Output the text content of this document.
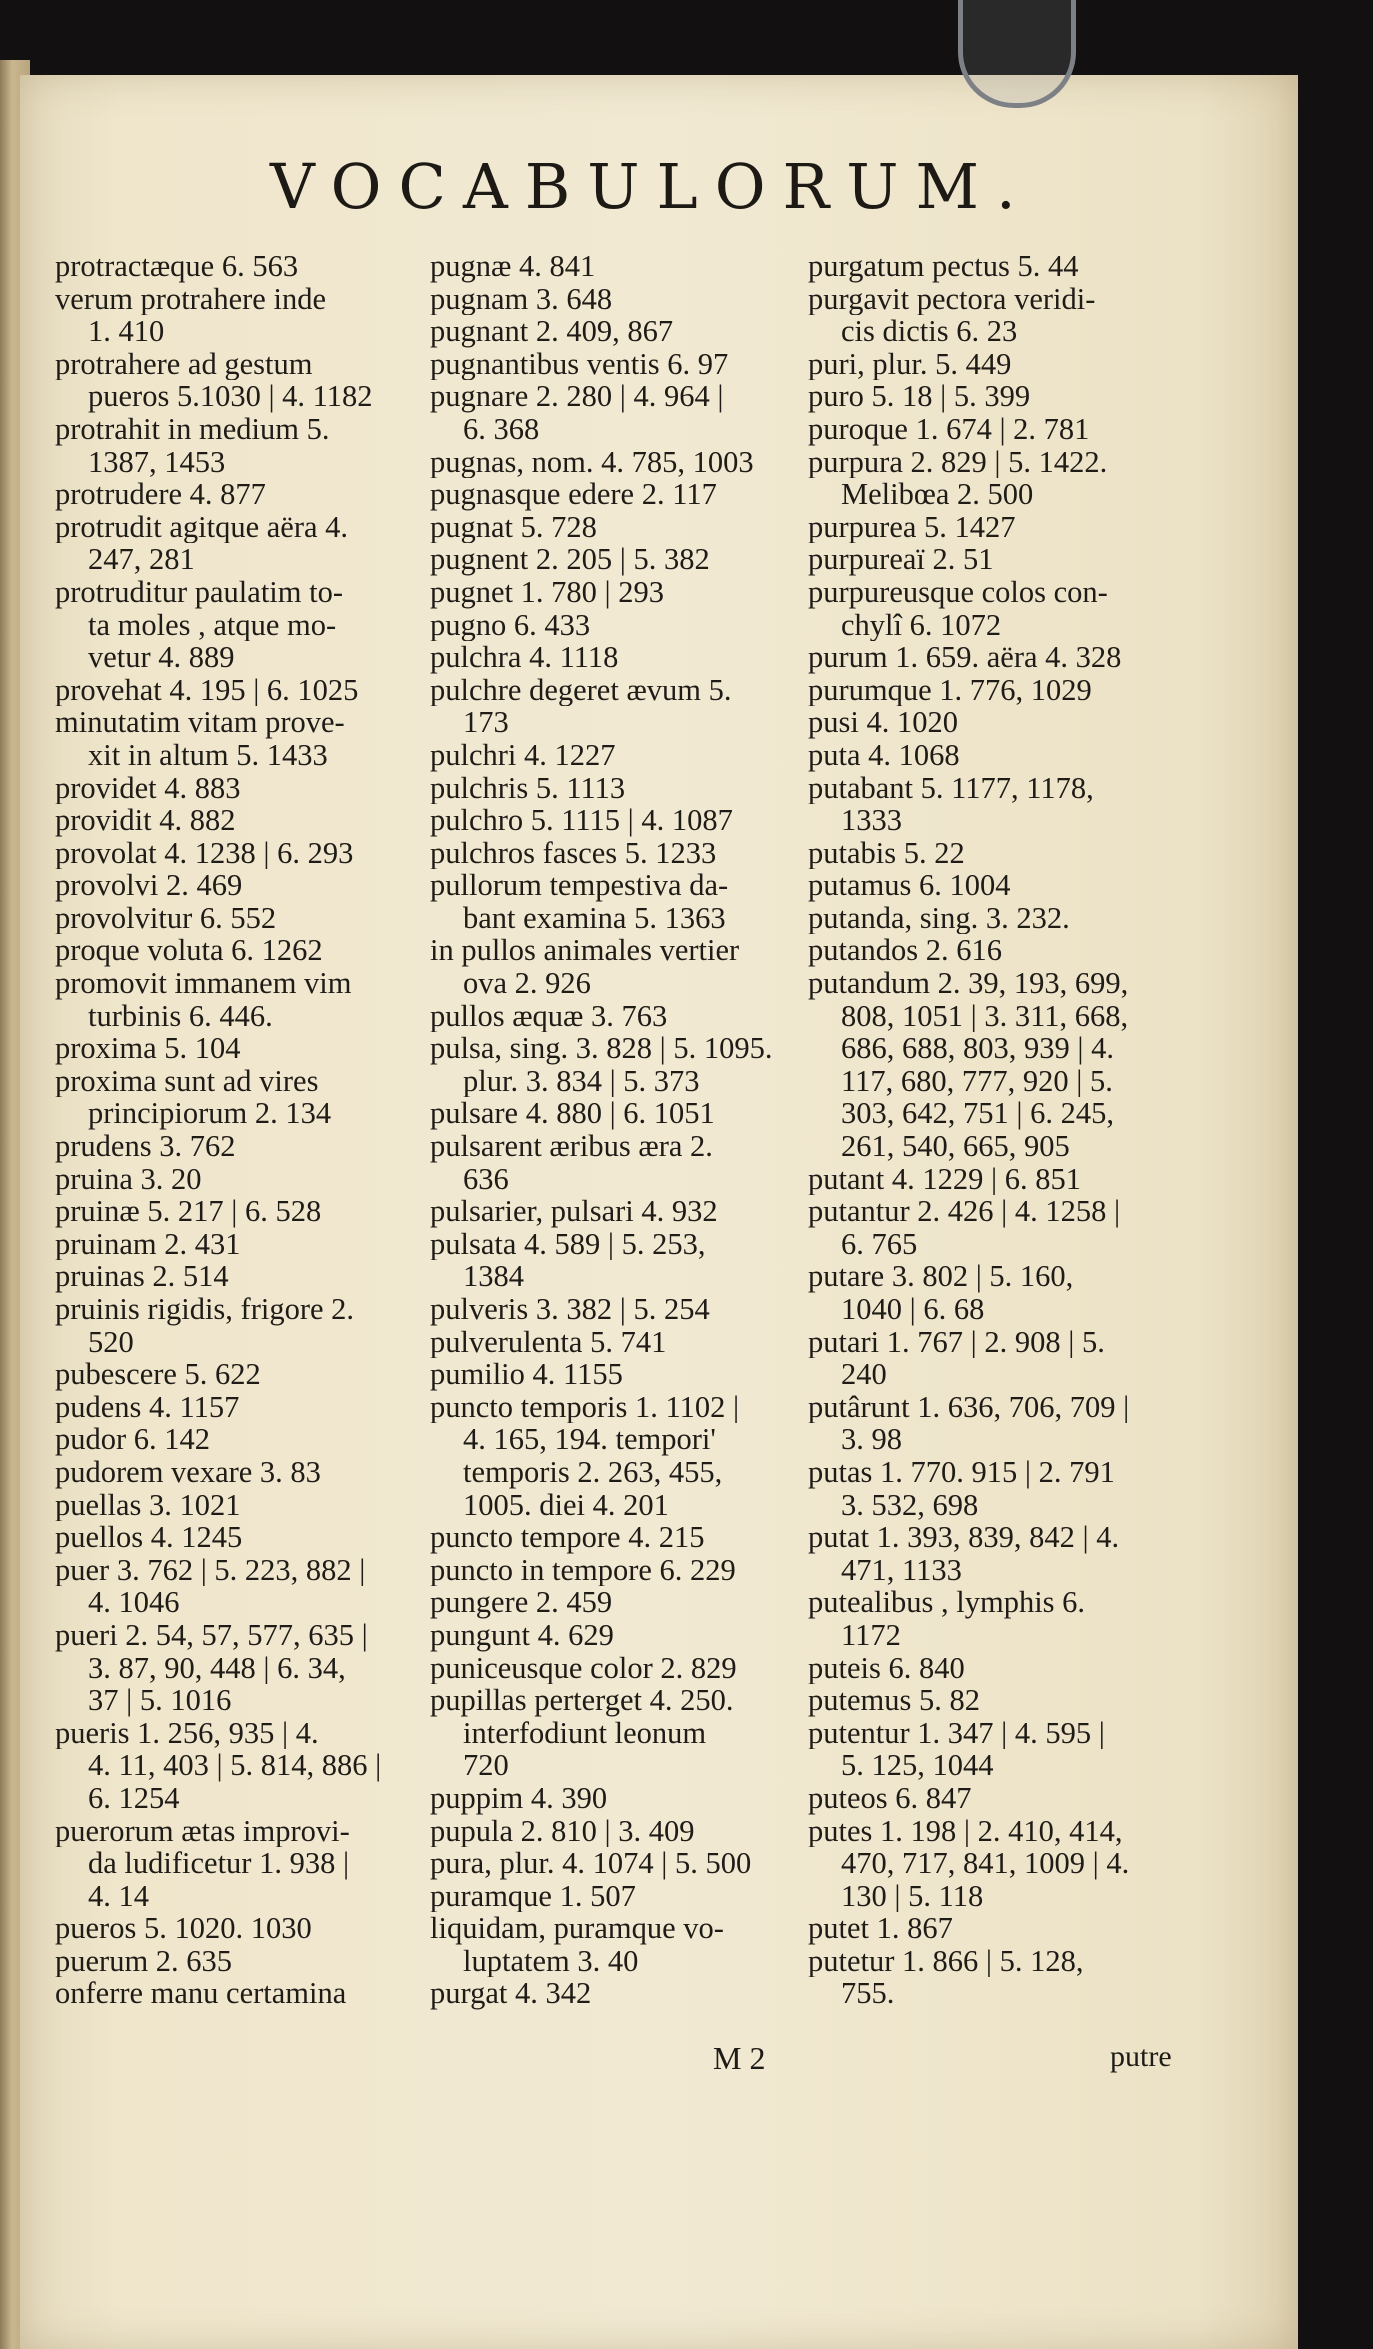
VOCABULORUM.
protractæque 6. 563
verum protrahere inde
1. 410
protrahere ad gestum
pueros 5.1030 | 4. 1182
protrahit in medium 5.
1387, 1453
protrudere 4. 877
protrudit agitque aëra 4.
247, 281
protruditur paulatim to-
ta moles , atque mo-
vetur 4. 889
provehat 4. 195 | 6. 1025
minutatim vitam prove-
xit in altum 5. 1433
providet 4. 883
providit 4. 882
provolat 4. 1238 | 6. 293
provolvi 2. 469
provolvitur 6. 552
proque voluta 6. 1262
promovit immanem vim
turbinis 6. 446.
proxima 5. 104
proxima sunt ad vires
principiorum 2. 134
prudens 3. 762
pruina 3. 20
pruinæ 5. 217 | 6. 528
pruinam 2. 431
pruinas 2. 514
pruinis rigidis, frigore 2.
520
pubescere 5. 622
pudens 4. 1157
pudor 6. 142
pudorem vexare 3. 83
puellas 3. 1021
puellos 4. 1245
puer 3. 762 | 5. 223, 882 |
4. 1046
pueri 2. 54, 57, 577, 635 |
3. 87, 90, 448 | 6. 34,
37 | 5. 1016
pueris 1. 256, 935 | 4.
4. 11, 403 | 5. 814, 886 |
6. 1254
puerorum ætas improvi-
da ludificetur 1. 938 |
4. 14
pueros 5. 1020. 1030
puerum 2. 635
onferre manu certamina
pugnæ 4. 841
pugnam 3. 648
pugnant 2. 409, 867
pugnantibus ventis 6. 97
pugnare 2. 280 | 4. 964 |
6. 368
pugnas, nom. 4. 785, 1003
pugnasque edere 2. 117
pugnat 5. 728
pugnent 2. 205 | 5. 382
pugnet 1. 780 | 293
pugno 6. 433
pulchra 4. 1118
pulchre degeret ævum 5.
173
pulchri 4. 1227
pulchris 5. 1113
pulchro 5. 1115 | 4. 1087
pulchros fasces 5. 1233
pullorum tempestiva da-
bant examina 5. 1363
in pullos animales vertier
ova 2. 926
pullos æquæ 3. 763
pulsa, sing. 3. 828 | 5. 1095.
plur. 3. 834 | 5. 373
pulsare 4. 880 | 6. 1051
pulsarent æribus æra 2.
636
pulsarier, pulsari 4. 932
pulsata 4. 589 | 5. 253,
1384
pulveris 3. 382 | 5. 254
pulverulenta 5. 741
pumilio 4. 1155
puncto temporis 1. 1102 |
4. 165, 194. tempori'
temporis 2. 263, 455,
1005. diei 4. 201
puncto tempore 4. 215
puncto in tempore 6. 229
pungere 2. 459
pungunt 4. 629
puniceusque color 2. 829
pupillas perterget 4. 250.
interfodiunt leonum
720
puppim 4. 390
pupula 2. 810 | 3. 409
pura, plur. 4. 1074 | 5. 500
puramque 1. 507
liquidam, puramque vo-
luptatem 3. 40
purgat 4. 342
purgatum pectus 5. 44
purgavit pectora veridi-
cis dictis 6. 23
puri, plur. 5. 449
puro 5. 18 | 5. 399
puroque 1. 674 | 2. 781
purpura 2. 829 | 5. 1422.
Melibœa 2. 500
purpurea 5. 1427
purpureaï 2. 51
purpureusque colos con-
chylî 6. 1072
purum 1. 659. aëra 4. 328
purumque 1. 776, 1029
pusi 4. 1020
puta 4. 1068
putabant 5. 1177, 1178,
1333
putabis 5. 22
putamus 6. 1004
putanda, sing. 3. 232.
putandos 2. 616
putandum 2. 39, 193, 699,
808, 1051 | 3. 311, 668,
686, 688, 803, 939 | 4.
117, 680, 777, 920 | 5.
303, 642, 751 | 6. 245,
261, 540, 665, 905
putant 4. 1229 | 6. 851
putantur 2. 426 | 4. 1258 |
6. 765
putare 3. 802 | 5. 160,
1040 | 6. 68
putari 1. 767 | 2. 908 | 5.
240
putârunt 1. 636, 706, 709 |
3. 98
putas 1. 770. 915 | 2. 791
3. 532, 698
putat 1. 393, 839, 842 | 4.
471, 1133
putealibus , lymphis 6.
1172
puteis 6. 840
putemus 5. 82
putentur 1. 347 | 4. 595 |
5. 125, 1044
puteos 6. 847
putes 1. 198 | 2. 410, 414,
470, 717, 841, 1009 | 4.
130 | 5. 118
putet 1. 867
putetur 1. 866 | 5. 128,
755.
M 2	putre
